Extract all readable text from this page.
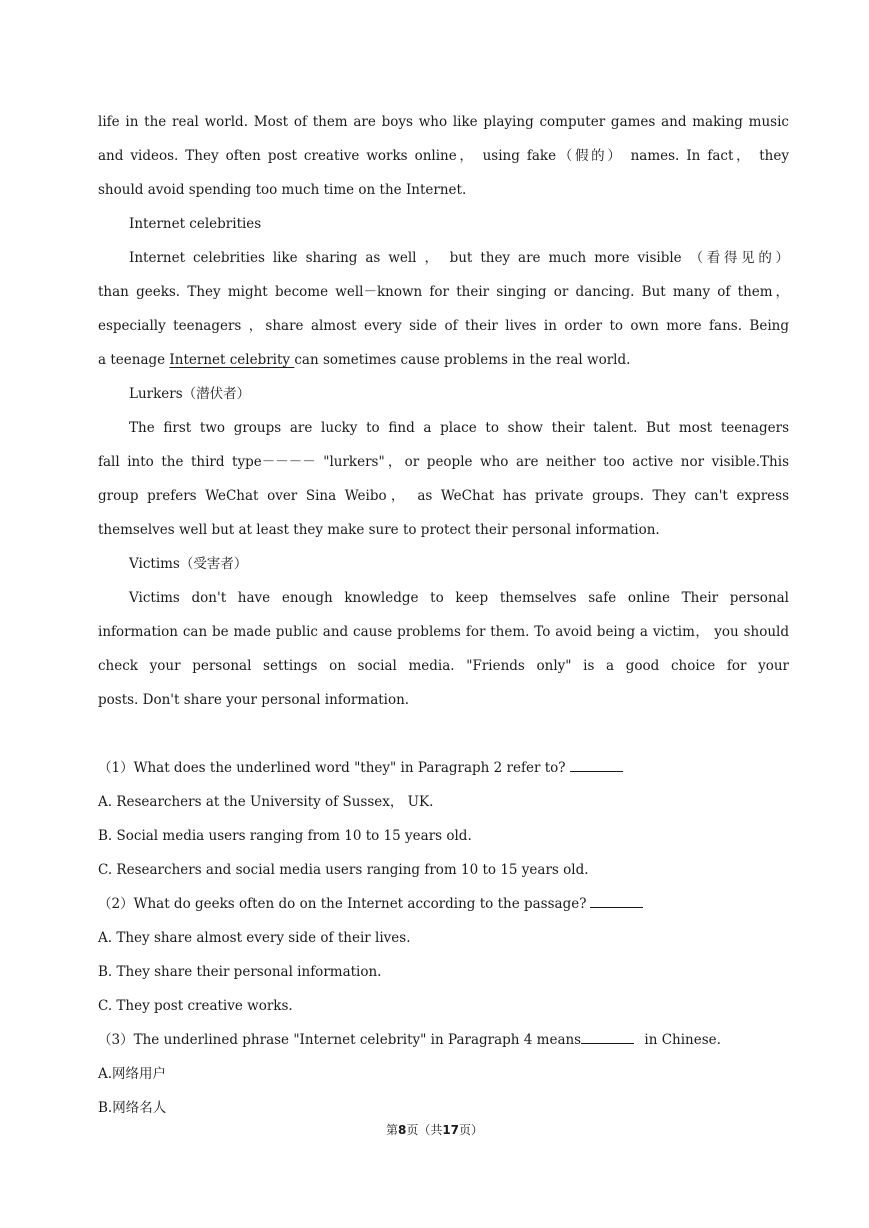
life in the real world. Most of them are boys who like playing computer games and making music
and videos. They often post creative works online， using fake（假的） names. In fact， they
should avoid spending too much time on the Internet.
Internet celebrities
Internet celebrities like sharing as well ， but they are much more visible （看得见的）
than geeks. They might become well－known for their singing or dancing. But many of them，
especially teenagers ，share almost every side of their lives in order to own more fans. Being
a teenage Internet celebrity can sometimes cause problems in the real world.
Lurkers（潜伏者）
The first two groups are lucky to find a place to show their talent. But most teenagers
fall into the third type－－－－ "lurkers"，or people who are neither too active nor visible.This
group prefers WeChat over Sina Weibo， as WeChat has private groups. They can't express
themselves well but at least they make sure to protect their personal information.
Victims（受害者）
Victims don't have enough knowledge to keep themselves safe online Their personal
information can be made public and cause problems for them. To avoid being a victim， you should
check your personal settings on social media. "Friends only" is a good choice for your
posts. Don't share your personal information.
（1）What does the underlined word "they" in Paragraph 2 refer to?
A. Researchers at the University of Sussex， UK.
B. Social media users ranging from 10 to 15 years old.
C. Researchers and social media users ranging from 10 to 15 years old.
（2）What do geeks often do on the Internet according to the passage?
A. They share almost every side of their lives.
B. They share their personal information.
C. They post creative works.
（3）The underlined phrase "Internet celebrity" in Paragraph 4 means	in Chinese.
A.网络用户
B.网络名人
第8页（共17页）
